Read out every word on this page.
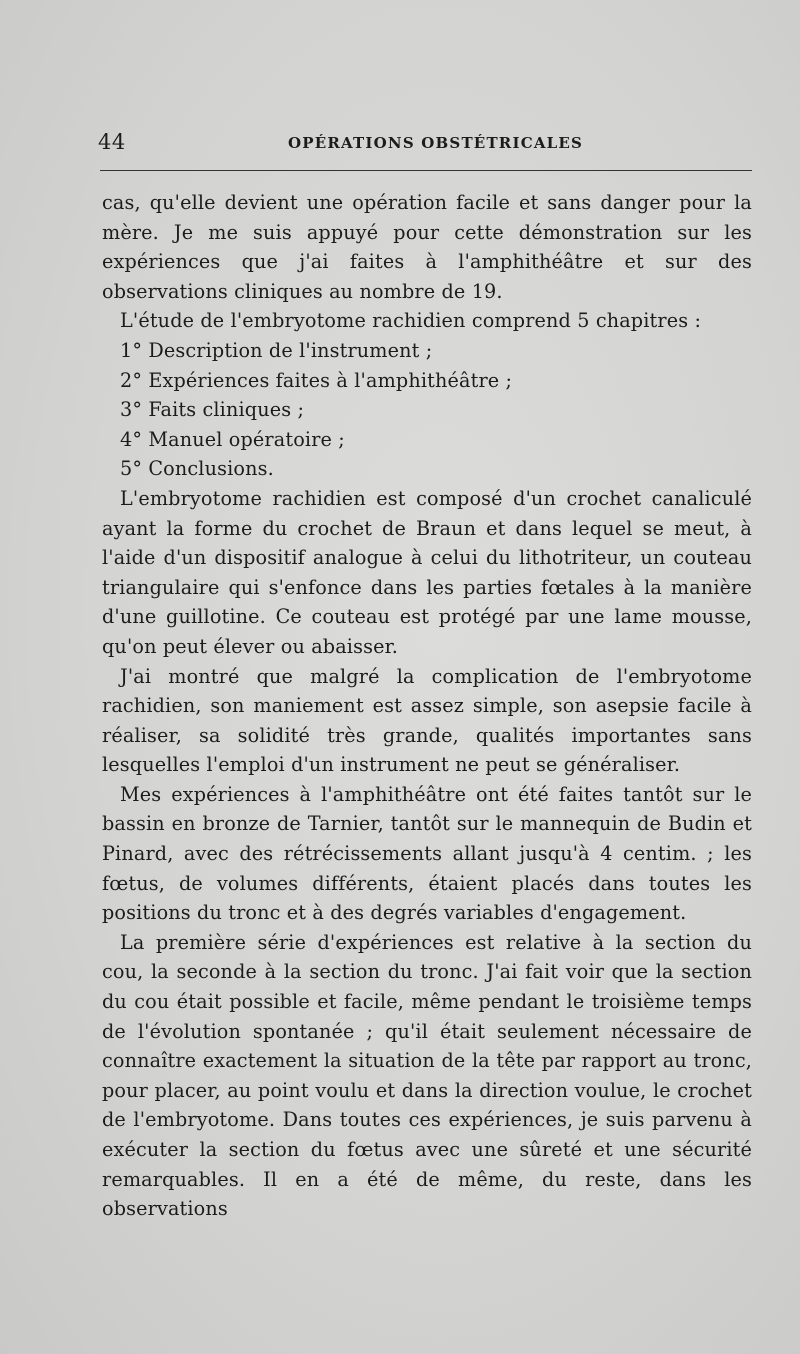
44	OPÉRATIONS OBSTÉTRICALES

cas, qu'elle devient une opération facile et sans danger pour la mère. Je me suis appuyé pour cette démonstration sur les expériences que j'ai faites à l'amphithéâtre et sur des observations cliniques au nombre de 19.

L'étude de l'embryotome rachidien comprend 5 chapitres :

1° Description de l'instrument ;

2° Expériences faites à l'amphithéâtre ;

3° Faits cliniques ;

4° Manuel opératoire ;

5° Conclusions.

L'embryotome rachidien est composé d'un crochet canaliculé ayant la forme du crochet de Braun et dans lequel se meut, à l'aide d'un dispositif analogue à celui du lithotriteur, un couteau triangulaire qui s'enfonce dans les parties fœtales à la manière d'une guillotine. Ce couteau est protégé par une lame mousse, qu'on peut élever ou abaisser.

J'ai montré que malgré la complication de l'embryotome rachidien, son maniement est assez simple, son asepsie facile à réaliser, sa solidité très grande, qualités importantes sans lesquelles l'emploi d'un instrument ne peut se généraliser.

Mes expériences à l'amphithéâtre ont été faites tantôt sur le bassin en bronze de Tarnier, tantôt sur le mannequin de Budin et Pinard, avec des rétrécissements allant jusqu'à 4 centim. ; les fœtus, de volumes différents, étaient placés dans toutes les positions du tronc et à des degrés variables d'engagement.

La première série d'expériences est relative à la section du cou, la seconde à la section du tronc. J'ai fait voir que la section du cou était possible et facile, même pendant le troisième temps de l'évolution spontanée ; qu'il était seulement nécessaire de connaître exactement la situation de la tête par rapport au tronc, pour placer, au point voulu et dans la direction voulue, le crochet de l'embryotome. Dans toutes ces expériences, je suis parvenu à exécuter la section du fœtus avec une sûreté et une sécurité remarquables. Il en a été de même, du reste, dans les observations
